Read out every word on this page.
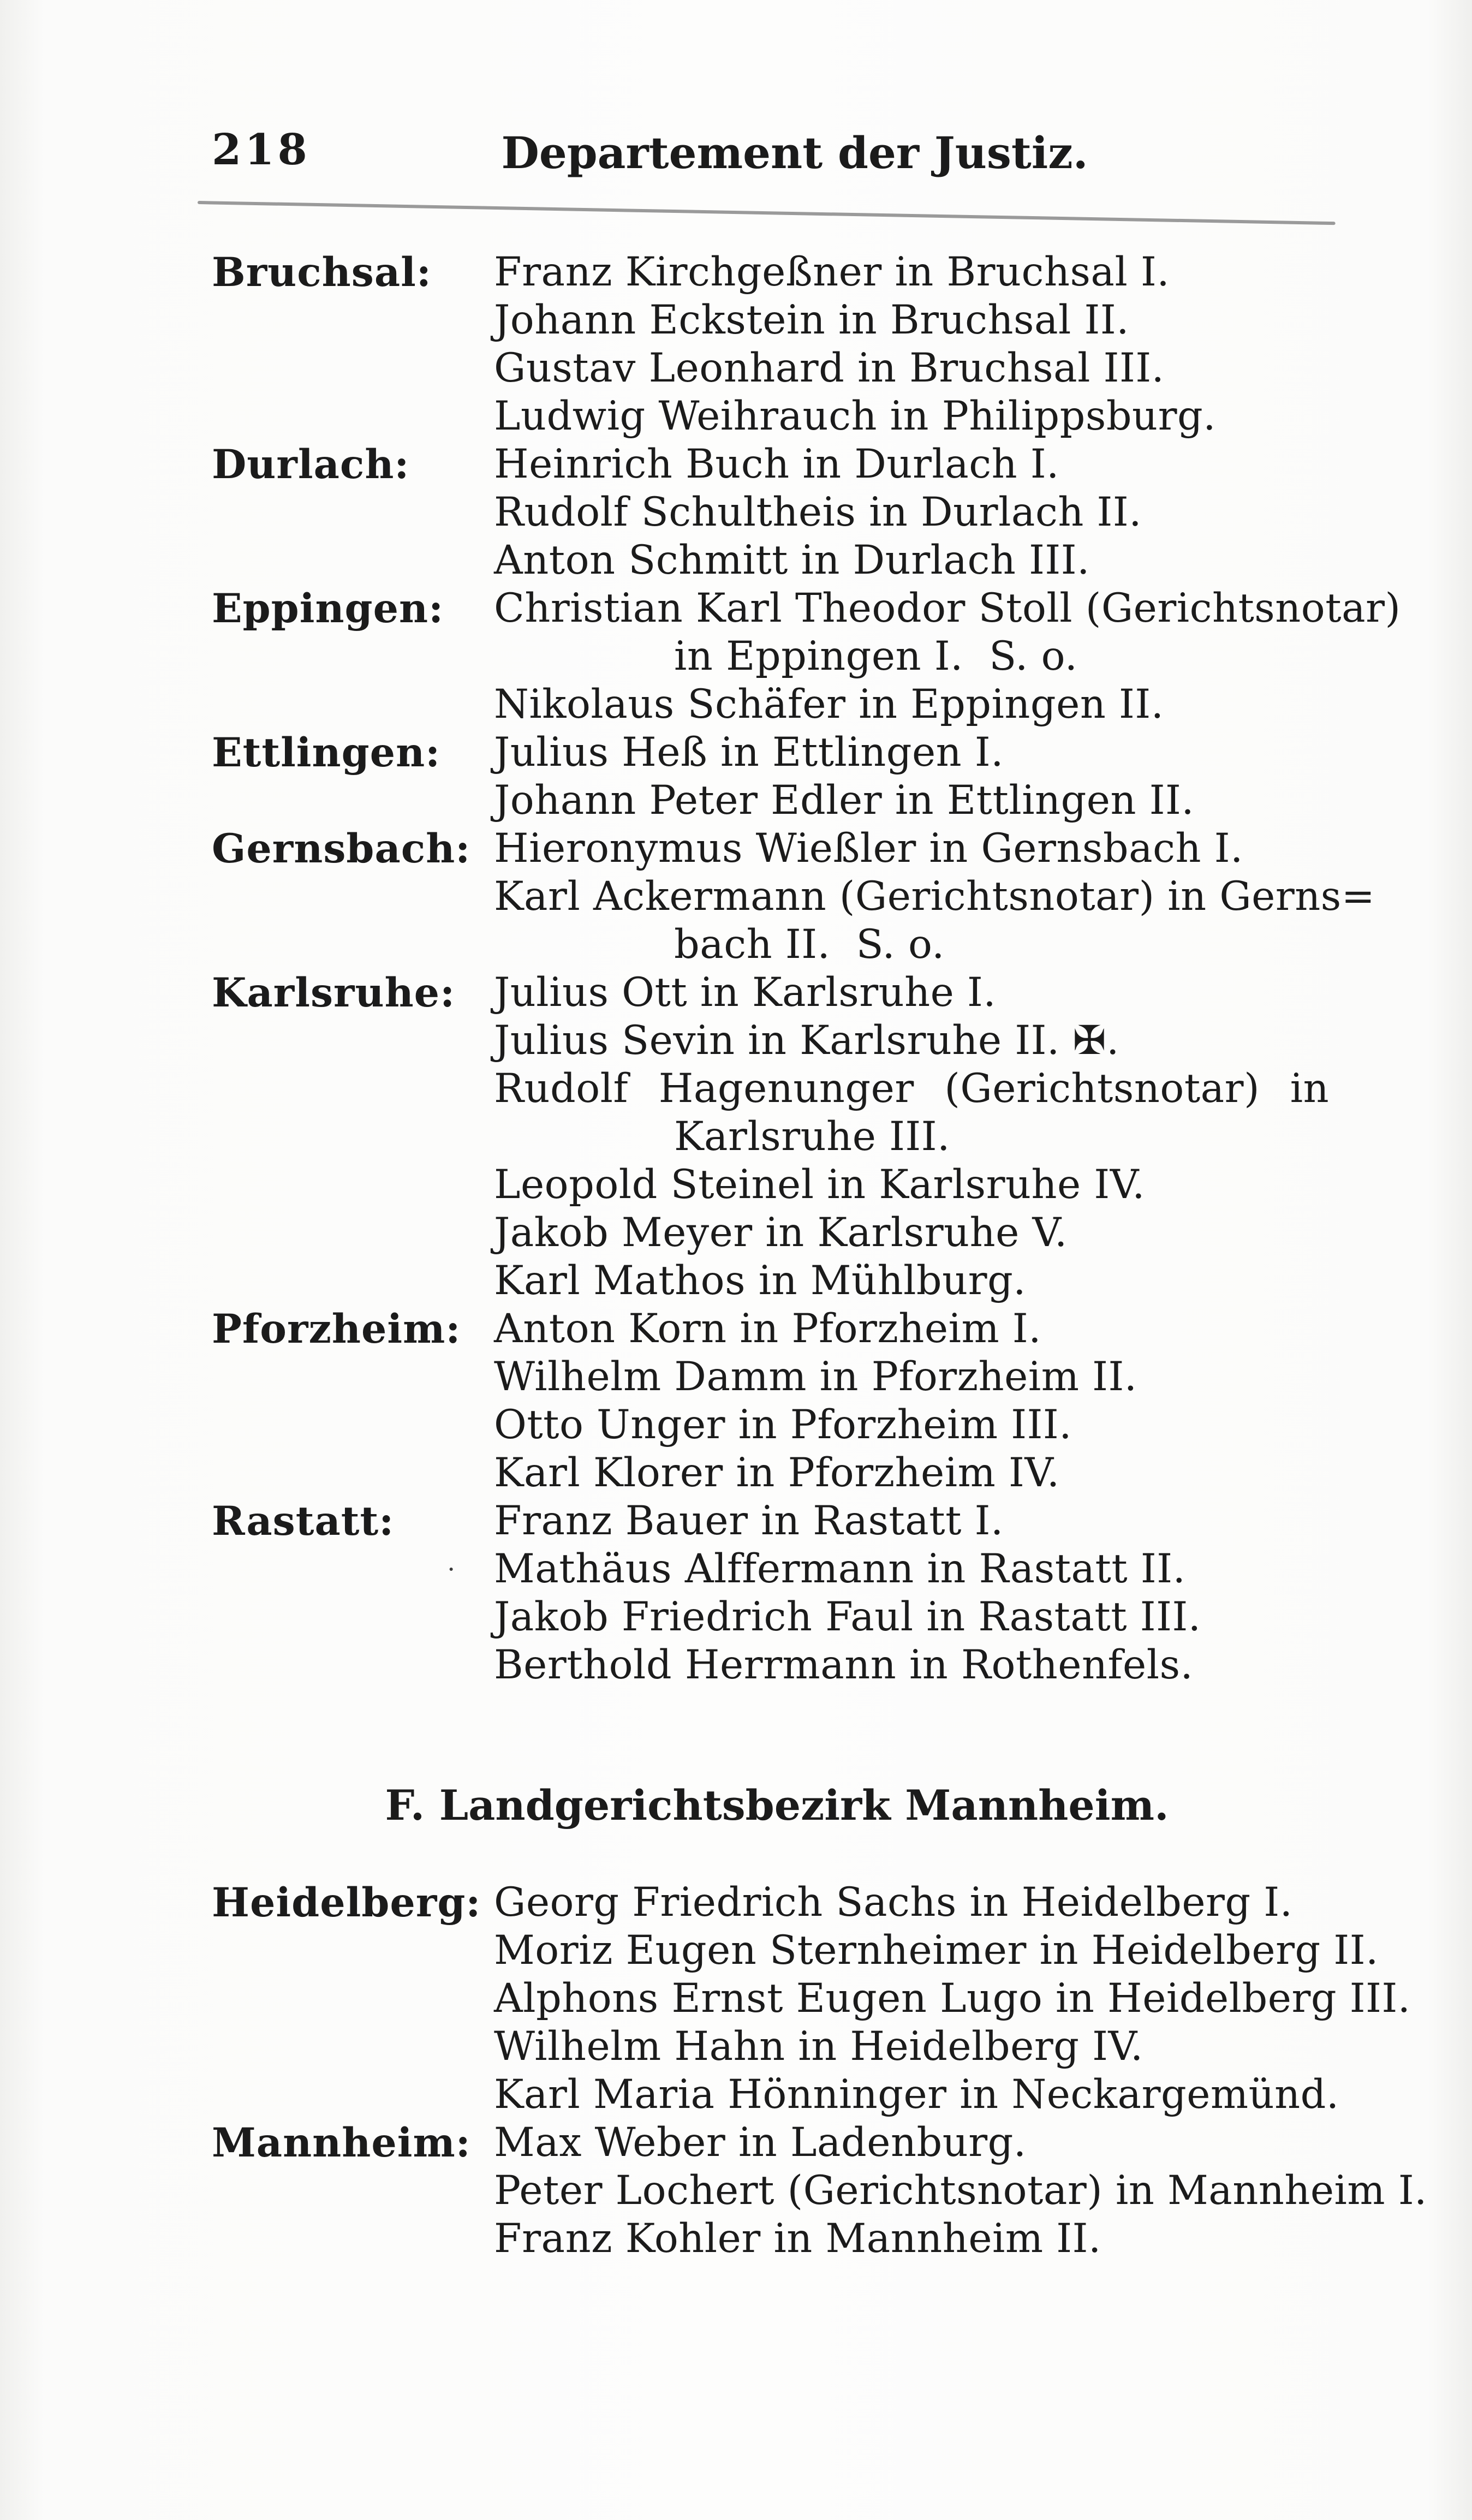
218	Departement der Justiz.
Bruchsal:	Franz Kirchgeßner in Bruchsal I.
Johann Eckstein in Bruchsal II.
Gustav Leonhard in Bruchsal III.
Ludwig Weihrauch in Philippsburg.
Durlach:	Heinrich Buch in Durlach I.
Rudolf Schultheis in Durlach II.
Anton Schmitt in Durlach III.
Eppingen:	Christian Karl Theodor Stoll (Gerichtsnotar)
in Eppingen I.  S. o.
Nikolaus Schäfer in Eppingen II.
Ettlingen:	Julius Heß in Ettlingen I.
Johann Peter Edler in Ettlingen II.
Gernsbach: Hieronymus Wießler in Gernsbach I.
Karl Ackermann (Gerichtsnotar) in Gerns=
bach II.  S. o.
Karlsruhe: Julius Ott in Karlsruhe I.
Julius Sevin in Karlsruhe II. ✠.
Rudolf Hagenunger (Gerichtsnotar) in
Karlsruhe III.
Leopold Steinel in Karlsruhe IV.
Jakob Meyer in Karlsruhe V.
Karl Mathos in Mühlburg.
Pforzheim: Anton Korn in Pforzheim I.
Wilhelm Damm in Pforzheim II.
Otto Unger in Pforzheim III.
Karl Klorer in Pforzheim IV.
Rastatt:	Franz Bauer in Rastatt I.
· Mathäus Alffermann in Rastatt II.
Jakob Friedrich Faul in Rastatt III.
Berthold Herrmann in Rothenfels.
F. Landgerichtsbezirk Mannheim.
Heidelberg: Georg Friedrich Sachs in Heidelberg I.
Moriz Eugen Sternheimer in Heidelberg II.
Alphons Ernst Eugen Lugo in Heidelberg III.
Wilhelm Hahn in Heidelberg IV.
Karl Maria Hönninger in Neckargemünd.
Mannheim: Max Weber in Ladenburg.
Peter Lochert (Gerichtsnotar) in Mannheim I.
Franz Kohler in Mannheim II.
